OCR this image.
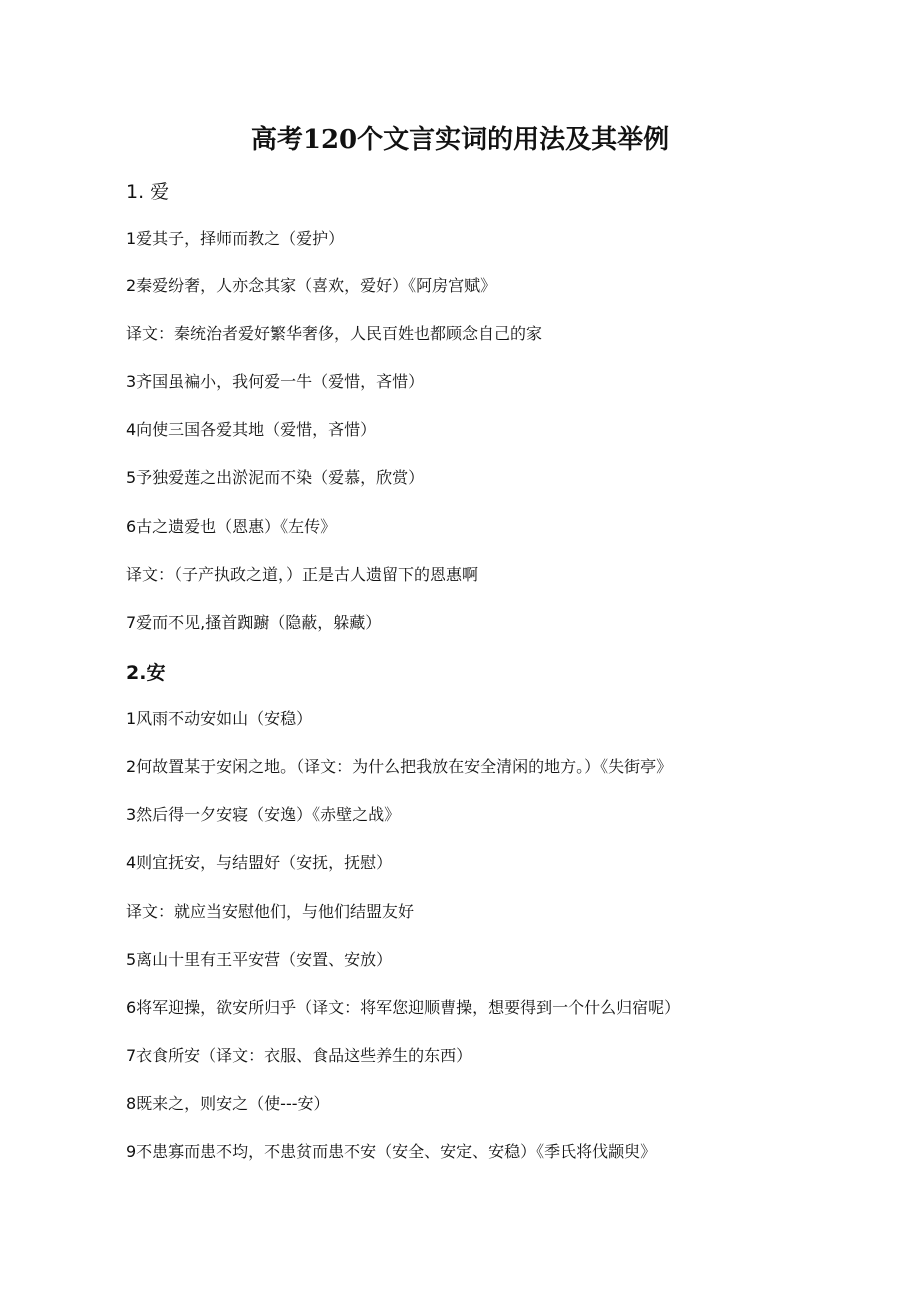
高考120个文言实词的用法及其举例
1. 爱
1爱其子，择师而教之（爱护）
2秦爱纷奢，人亦念其家（喜欢，爱好）《阿房宫赋》
译文：秦统治者爱好繁华奢侈，人民百姓也都顾念自己的家
3齐国虽褊小，我何爱一牛（爱惜，吝惜）
4向使三国各爱其地（爱惜，吝惜）
5予独爱莲之出淤泥而不染（爱慕，欣赏）
6古之遗爱也（恩惠）《左传》
译文：（子产执政之道，）正是古人遗留下的恩惠啊
7爱而不见,搔首踟躕（隐蔽，躲藏）
2.安
1风雨不动安如山（安稳）
2何故置某于安闲之地。（译文：为什么把我放在安全清闲的地方。）《失街亭》
3然后得一夕安寝（安逸）《赤壁之战》
4则宜抚安，与结盟好（安抚，抚慰）
译文：就应当安慰他们，与他们结盟友好
5离山十里有王平安营（安置、安放）
6将军迎操，欲安所归乎（译文：将军您迎顺曹操，想要得到一个什么归宿呢）
7衣食所安（译文：衣服、食品这些养生的东西）
8既来之，则安之（使---安）
9不患寡而患不均，不患贫而患不安（安全、安定、安稳）《季氏将伐颛臾》
